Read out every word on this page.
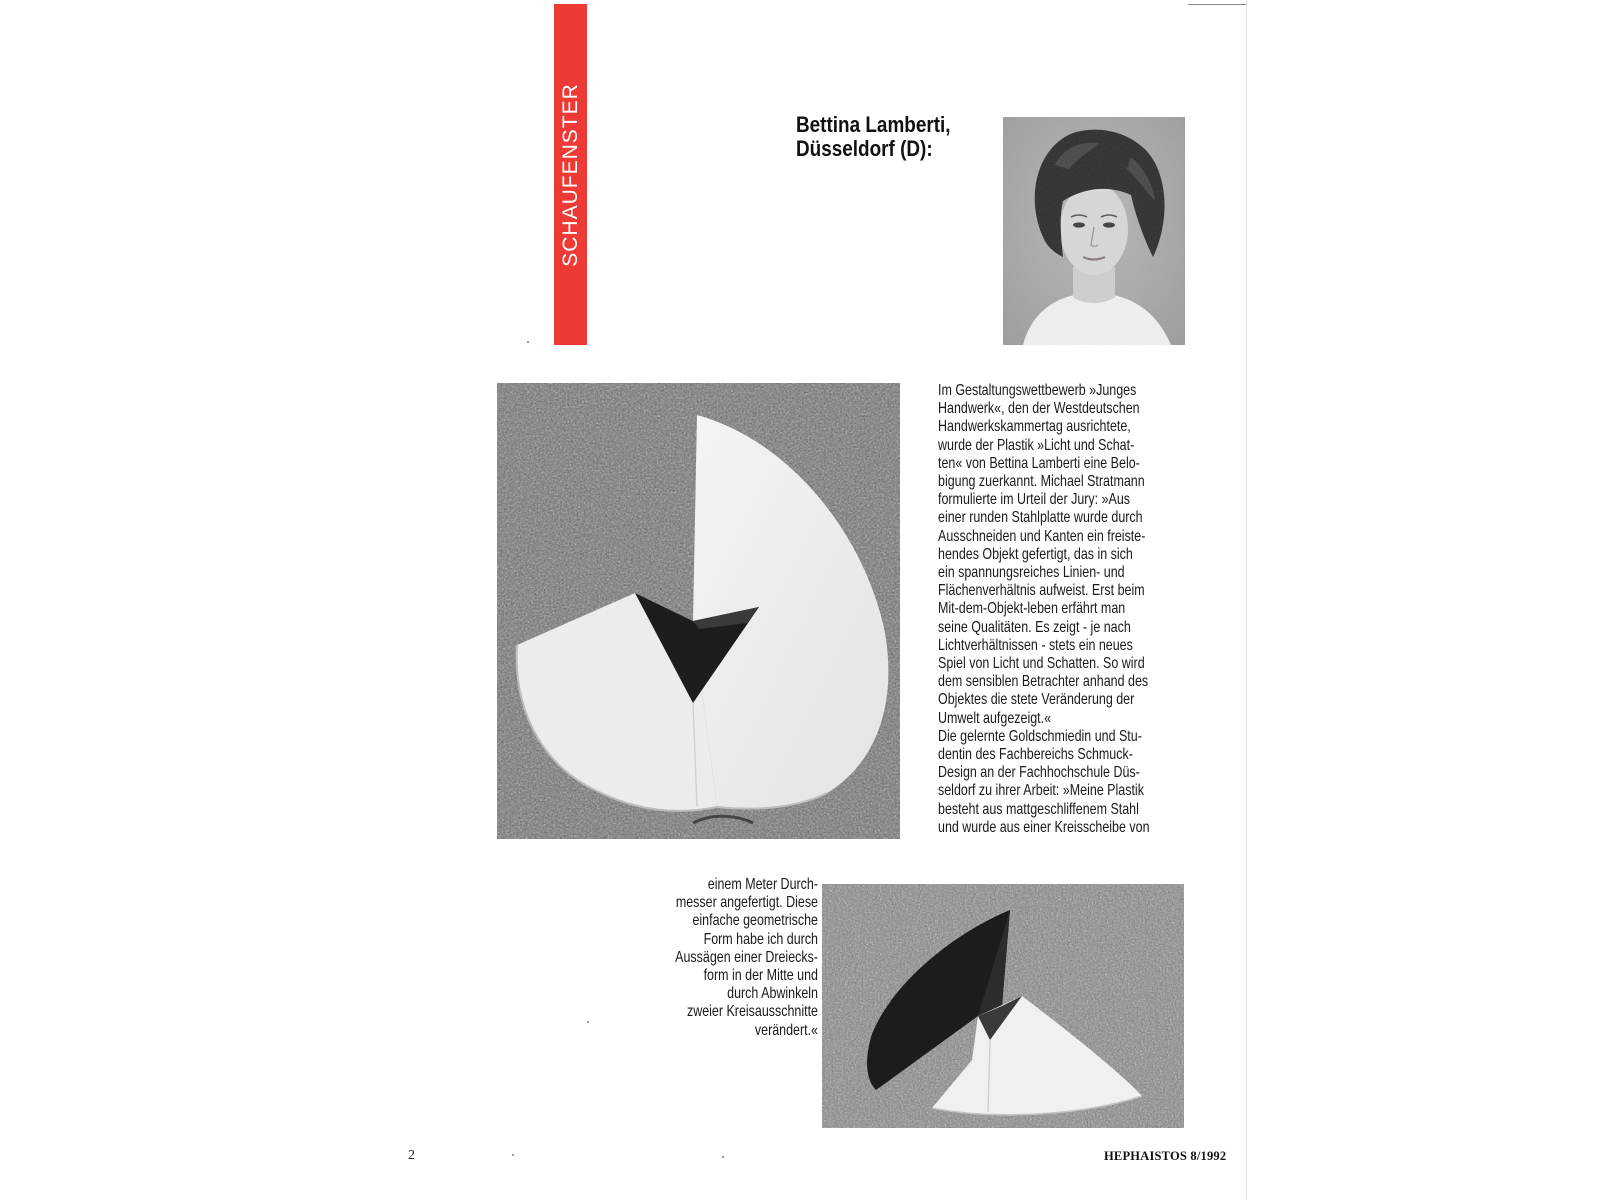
SCHAUFENSTER	Bettina Lamberti,
Düsseldorf (D):

Im Gestaltungswettbewerb »Junges
Handwerk«, den der Westdeutschen
Handwerkskammertag ausrichtete,
wurde der Plastik »Licht und Schat-
ten« von Bettina Lamberti eine Belo-
bigung zuerkannt. Michael Stratmann
formulierte im Urteil der Jury: »Aus
einer runden Stahlplatte wurde durch
Ausschneiden und Kanten ein freiste-
hendes Objekt gefertigt, das in sich
ein spannungsreiches Linien- und
Flächenverhältnis aufweist. Erst beim
Mit-dem-Objekt-leben erfährt man
seine Qualitäten. Es zeigt - je nach
Lichtverhältnissen - stets ein neues
Spiel von Licht und Schatten. So wird
dem sensiblen Betrachter anhand des
Objektes die stete Veränderung der
Umwelt aufgezeigt.«
Die gelernte Goldschmiedin und Stu-
dentin des Fachbereichs Schmuck-
Design an der Fachhochschule Düs-
seldorf zu ihrer Arbeit: »Meine Plastik
besteht aus mattgeschliffenem Stahl
und wurde aus einer Kreisscheibe von

einem Meter Durch-
messer angefertigt. Diese
einfache geometrische
Form habe ich durch
Aussägen einer Dreiecks-
form in der Mitte und
durch Abwinkeln
zweier Kreisausschnitte
verändert.«

2	HEPHAISTOS 8/1992
